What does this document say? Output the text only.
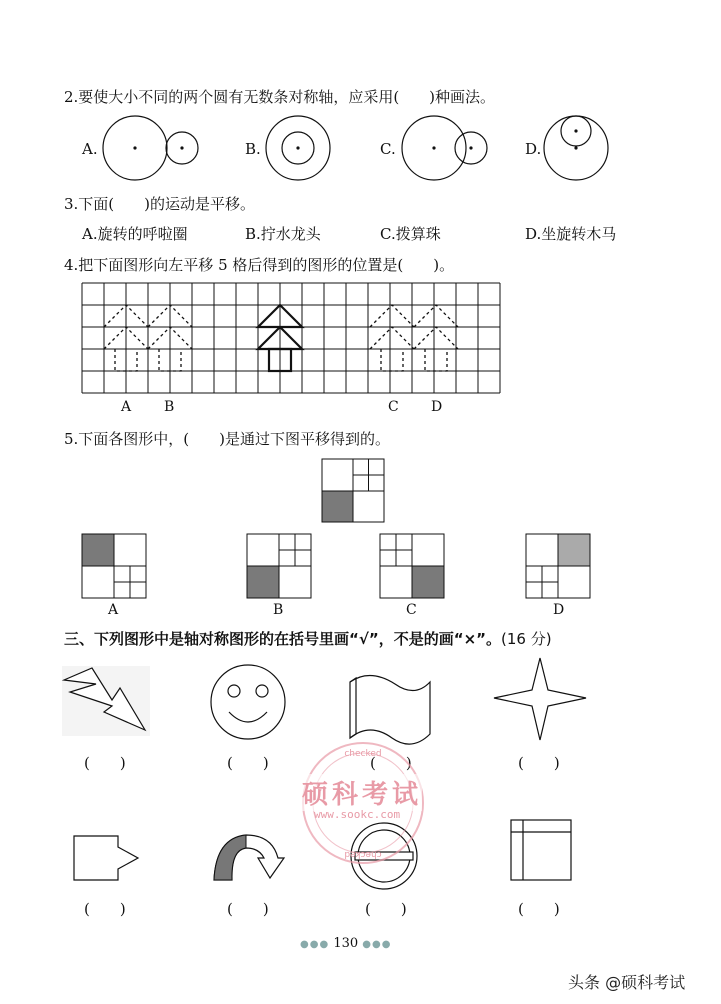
2.要使大小不同的两个圆有无数条对称轴，应采用(　　)种画法。
A.	B.	C.	D.
3.下面(　　)的运动是平移。
A.旋转的呼啦圈	B.拧水龙头	C.拨算珠	D.坐旋转木马
4.把下面图形向左平移 5 格后得到的图形的位置是(　　)。
A B	C D
5.下面各图形中，(　　)是通过下图平移得到的。
A	B	C	D
三、下列图形中是轴对称图形的在括号里画“√”，不是的画“×”。(16 分)
(　　)	(　　)	(　　)	(　　)
(　　)	(　　)	(　　)	(　　)
checked
checked
硕科考试
www.sookc.com
●●● 130 ●●●
头条 @硕科考试
